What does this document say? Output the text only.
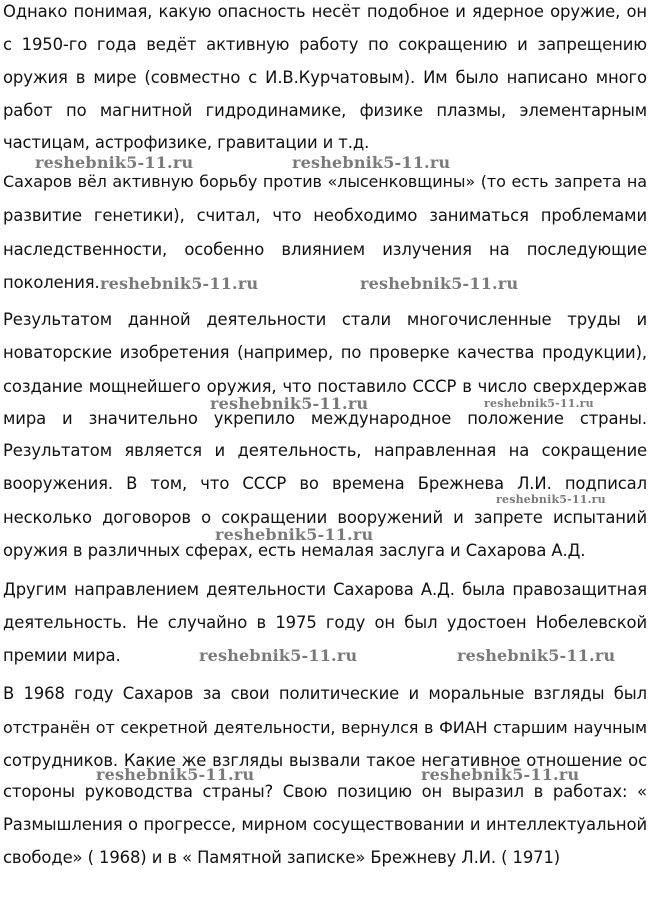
Однако понимая, какую опасность несёт подобное и ядерное оружие, он
с 1950-го года ведёт активную работу по сокращению и запрещению
оружия в мире (совместно с И.В.Курчатовым). Им было написано много
работ по магнитной гидродинамике, физике плазмы, элементарным
частицам, астрофизике, гравитации и т.д.
Сахаров вёл активную борьбу против «лысенковщины» (то есть запрета на
развитие генетики), считал, что необходимо заниматься проблемами
наследственности, особенно влиянием излучения на последующие
поколения.
Результатом данной деятельности стали многочисленные труды и
новаторские изобретения (например, по проверке качества продукции),
создание мощнейшего оружия, что поставило СССР в число сверхдержав
мира и значительно укрепило международное положение страны.
Результатом является и деятельность, направленная на сокращение
вооружения. В том, что СССР во времена Брежнева Л.И. подписал
несколько договоров о сокращении вооружений и запрете испытаний
оружия в различных сферах, есть немалая заслуга и Сахарова А.Д.
Другим направлением деятельности Сахарова А.Д. была правозащитная
деятельность. Не случайно в 1975 году он был удостоен Нобелевской
премии мира.
В 1968 году Сахаров за свои политические и моральные взгляды был
отстранён от секретной деятельности, вернулся в ФИАН старшим научным
сотрудников. Какие же взгляды вызвали такое негативное отношение ос
стороны руководства страны? Свою позицию он выразил в работах: «
Размышления о прогрессе, мирном сосуществовании и интеллектуальной
свободе» ( 1968) и в « Памятной записке» Брежневу Л.И. ( 1971)
reshebnik5-11.ru	reshebnik5-11.ru
reshebnik5-11.ru	reshebnik5-11.ru
reshebnik5-11.ru	reshebnik5-11.ru
reshebnik5-11.ru
reshebnik5-11.ru
reshebnik5-11.ru	reshebnik5-11.ru
reshebnik5-11.ru	reshebnik5-11.ru
